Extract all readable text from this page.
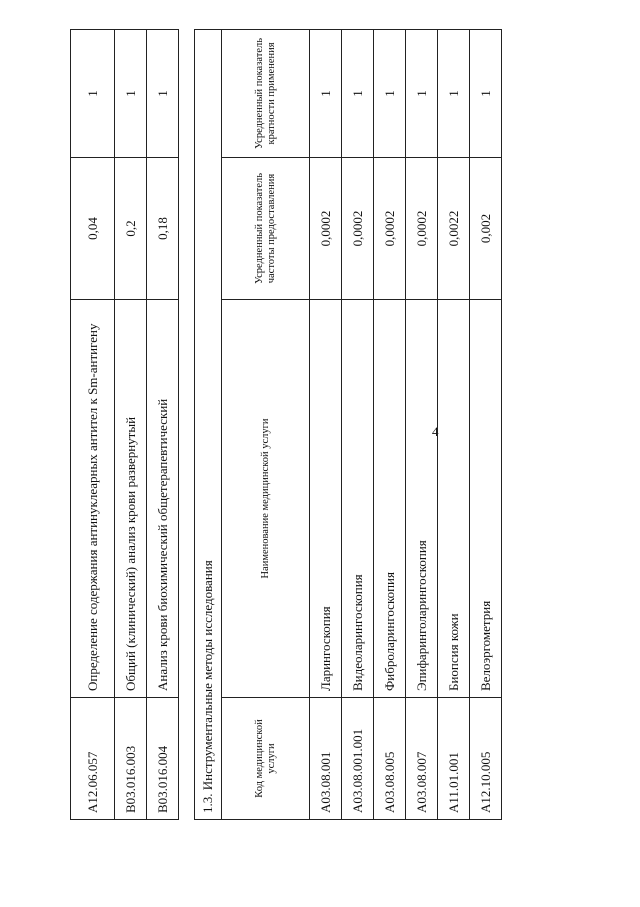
4
A12.06.057	Определение содержания антинуклеарных антител к Sm-антигену	0,04	1
B03.016.003	Общий (клинический) анализ крови развернутый	0,2	1
B03.016.004	Анализ крови биохимический общетерапевтический	0,18	1
1.3. Инструментальные методы исследования			
Код медицинской услуги	Наименование медицинской услуги	Усредненный показатель частоты предоставления	Усредненный показатель кратности применения
A03.08.001	Ларингоскопия	0,0002	1
A03.08.001.001	Видеоларингоскопия	0,0002	1
A03.08.005	Фиброларингоскопия	0,0002	1
A03.08.007	Эпифаринголарингоскопия	0,0002	1
A11.01.001	Биопсия кожи	0,0022	1
A12.10.005	Велоэргометрия	0,002	1
